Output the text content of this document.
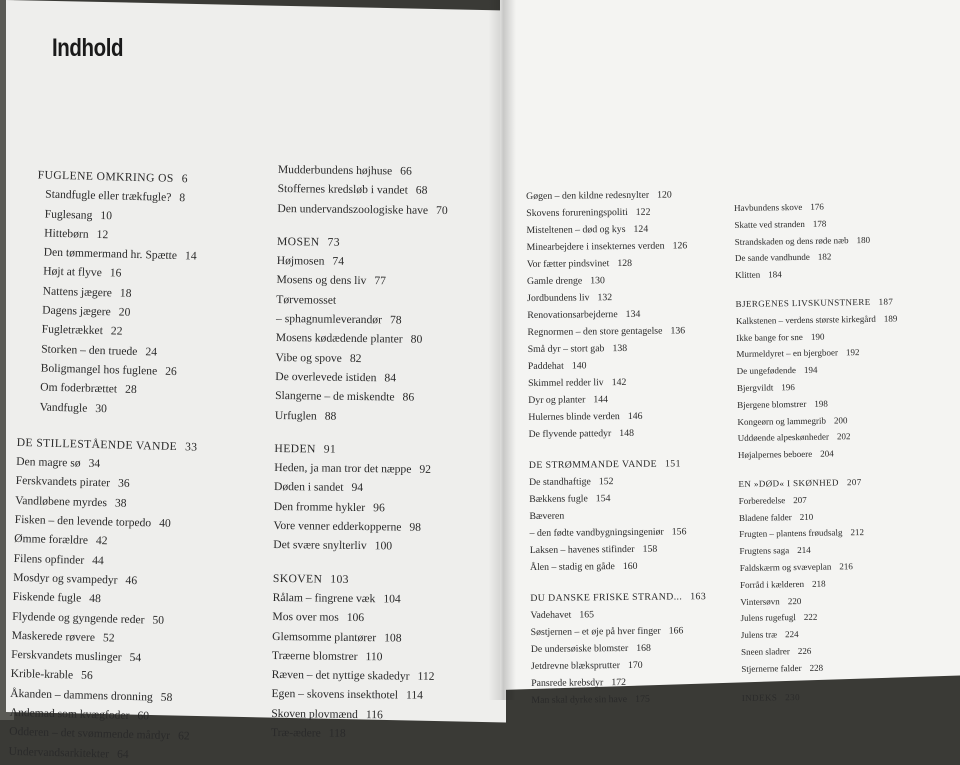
Indhold
FUGLENE OMKRING OS 6
Standfugle eller trækfugle? 8
Fuglesang 10
Hittebørn 12
Den tømmermand hr. Spætte 14
Højt at flyve 16
Nattens jægere 18
Dagens jægere 20
Fugletrækket 22
Storken – den truede 24
Boligmangel hos fuglene 26
Om foderbrættet 28
Vandfugle 30
DE STILLESTÅENDE VANDE 33
Den magre sø 34
Ferskvandets pirater 36
Vandløbene myrdes 38
Fisken – den levende torpedo 40
Ømme forældre 42
Filens opfinder 44
Mosdyr og svampedyr 46
Fiskende fugle 48
Flydende og gyngende reder 50
Maskerede røvere 52
Ferskvandets muslinger 54
Krible-krable 56
Åkanden – dammens dronning 58
Andemad som kvægfoder 60
Odderen – det svømmende mårdyr 62
Undervandsarkitekter 64
Mudderbundens højhuse 66
Stoffernes kredsløb i vandet 68
Den undervandszoologiske have 70
MOSEN 73
Højmosen 74
Mosens og dens liv 77
Tørvemosset
– sphagnumleverandør 78
Mosens kødædende planter 80
Vibe og spove 82
De overlevede istiden 84
Slangerne – de miskendte 86
Urfuglen 88
HEDEN 91
Heden, ja man tror det næppe 92
Døden i sandet 94
Den fromme hykler 96
Vore venner edderkopperne 98
Det svære snylterliv 100
SKOVEN 103
Rålam – fingrene væk 104
Mos over mos 106
Glemsomme plantører 108
Træerne blomstrer 110
Ræven – det nyttige skadedyr 112
Egen – skovens insekthotel 114
Skoven plovmænd 116
Træ-ædere 118
Gøgen – den kildne redesnylter 120
Skovens forureningspoliti 122
Misteltenen – død og kys 124
Minearbejdere i insekternes verden 126
Vor fætter pindsvinet 128
Gamle drenge 130
Jordbundens liv 132
Renovationsarbejderne 134
Regnormen – den store gentagelse 136
Små dyr – stort gab 138
Paddehat 140
Skimmel redder liv 142
Dyr og planter 144
Hulernes blinde verden 146
De flyvende pattedyr 148
DE STRØMMANDE VANDE 151
De standhaftige 152
Bækkens fugle 154
Bæveren
– den fødte vandbygningsingeniør 156
Laksen – havenes stifinder 158
Ålen – stadig en gåde 160
DU DANSKE FRISKE STRAND... 163
Vadehavet 165
Søstjernen – et øje på hver finger 166
De undersøiske blomster 168
Jetdrevne blæksprutter 170
Pansrede krebsdyr 172
Man skal dyrke sin have 175
Havbundens skove 176
Skatte ved stranden 178
Strandskaden og dens røde næb 180
De sande vandhunde 182
Klitten 184
BJERGENES LIVSKUNSTNERE 187
Kalkstenen – verdens største kirkegård 189
Ikke bange for sne 190
Murmeldyret – en bjergboer 192
De ungefødende 194
Bjergvildt 196
Bjergene blomstrer 198
Kongeørn og lammegrib 200
Uddøende alpeskønheder 202
Højalpernes beboere 204
EN »DØD« I SKØNHED 207
Forberedelse 207
Bladene falder 210
Frugten – plantens frøudsalg 212
Frugtens saga 214
Faldskærm og svæveplan 216
Forråd i kælderen 218
Vintersøvn 220
Julens rugefugl 222
Julens træ 224
Sneen sladrer 226
Stjernerne falder 228
INDEKS 230
